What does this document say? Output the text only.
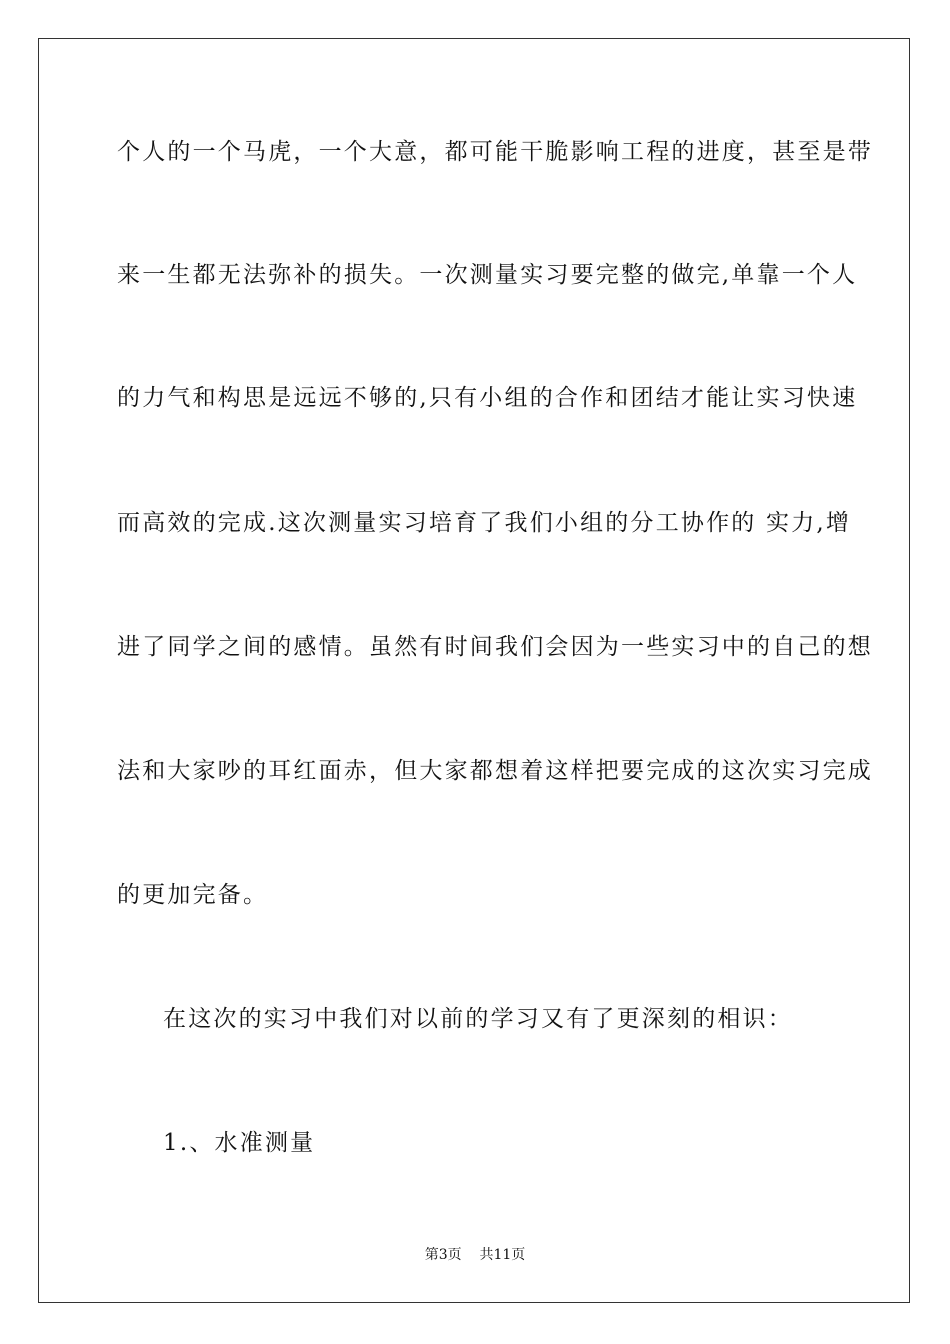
个人的一个马虎，一个大意，都可能干脆影响工程的进度，甚至是带
来一生都无法弥补的损失。一次测量实习要完整的做完,单靠一个人
的力气和构思是远远不够的,只有小组的合作和团结才能让实习快速
而高效的完成.这次测量实习培育了我们小组的分工协作的 实力,增
进了同学之间的感情。虽然有时间我们会因为一些实习中的自己的想
法和大家吵的耳红面赤，但大家都想着这样把要完成的这次实习完成
的更加完备。
在这次的实习中我们对以前的学习又有了更深刻的相识：
1.、水准测量
第3页    共11页
